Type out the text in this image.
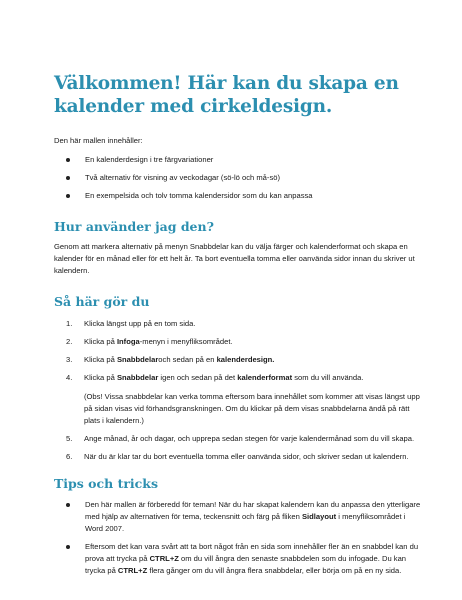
Välkommen! Här kan du skapa en kalender med cirkeldesign.

Den här mallen innehåller:

En kalenderdesign i tre färgvariationer
Två alternativ för visning av veckodagar (sö-lö och må-sö)
En exempelsida och tolv tomma kalendersidor som du kan anpassa
Hur använder jag den?

Genom att markera alternativ på menyn Snabbdelar kan du välja färger och kalenderformat och skapa en kalender för en månad eller för ett helt år. Ta bort eventuella tomma eller oanvända sidor innan du skriver ut kalendern.

Så här gör du
1. Klicka längst upp på en tom sida.
2. Klicka på Infoga-menyn i menyfliksområdet.
3. Klicka på Snabbdelaroch sedan på en kalenderdesign.
4. Klicka på Snabbdelar igen och sedan på det kalenderformat som du vill använda.
(Obs! Vissa snabbdelar kan verka tomma eftersom bara innehållet som kommer att visas längst upp på sidan visas vid förhandsgranskningen. Om du klickar på dem visas snabbdelarna ändå på rätt plats i kalendern.)
5. Ange månad, år och dagar, och upprepa sedan stegen för varje kalendermånad som du vill skapa.
6. När du är klar tar du bort eventuella tomma eller oanvända sidor, och skriver sedan ut kalendern.
Tips och tricks
Den här mallen är förberedd för teman! När du har skapat kalendern kan du anpassa den ytterligare med hjälp av alternativen för tema, teckensnitt och färg på fliken Sidlayout i menyfliksområdet i Word 2007.
Eftersom det kan vara svårt att ta bort något från en sida som innehåller fler än en snabbdel kan du prova att trycka på CTRL+Z om du vill ångra den senaste snabbdelen som du infogade. Du kan trycka på CTRL+Z flera gånger om du vill ångra flera snabbdelar, eller börja om på en ny sida.
